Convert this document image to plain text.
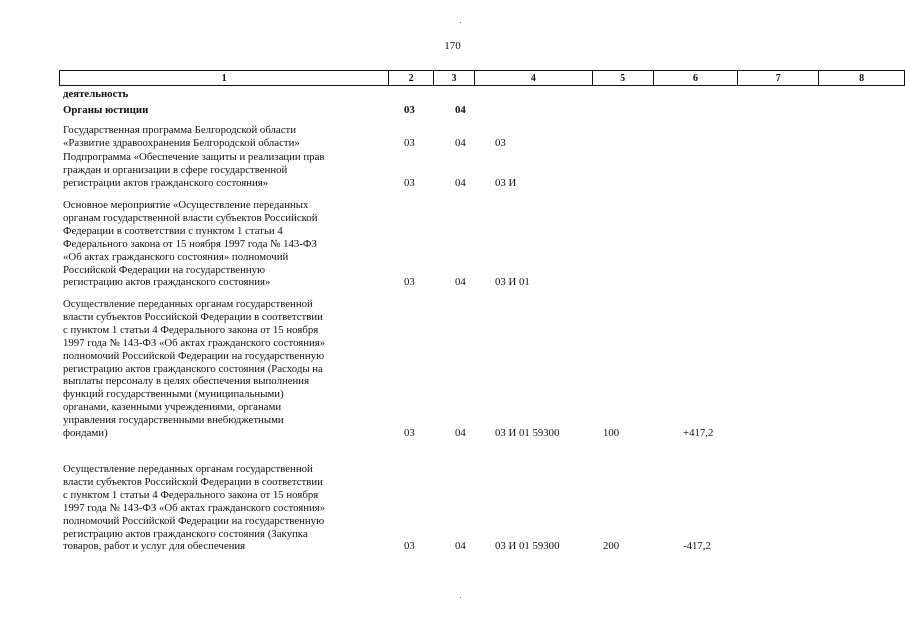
170
1	2	3	4	5	6	7	8
деятельность
Органы юстиции	03	04
Государственная программа Белгородской области
«Развитие здравоохранения Белгородской области»	03	04	03
Подпрограмма «Обеспечение защиты и реализации прав
граждан и организации в сфере государственной
регистрации актов гражданского состояния»	03	04	03 И
Основное мероприятие «Осуществление переданных
органам государственной власти субъектов Российской
Федерации в соответствии с пунктом 1 статьи 4
Федерального закона от 15 ноября 1997 года № 143-ФЗ
«Об актах гражданского состояния» полномочий
Российской Федерации на государственную
регистрацию актов гражданского состояния»	03	04	03 И 01
Осуществление переданных органам государственной
власти субъектов Российской Федерации в соответствии
с пунктом 1 статьи 4 Федерального закона от 15 ноября
1997 года № 143-ФЗ «Об актах гражданского состояния»
полномочий Российской Федерации на государственную
регистрацию актов гражданского состояния (Расходы на
выплаты персоналу в целях обеспечения выполнения
функций государственными (муниципальными)
органами, казенными учреждениями, органами
управления государственными внебюджетными
фондами)	03	04	03 И 01 59300	100	+417,2
Осуществление переданных органам государственной
власти субъектов Российской Федерации в соответствии
с пунктом 1 статьи 4 Федерального закона от 15 ноября
1997 года № 143-ФЗ «Об актах гражданского состояния»
полномочий Российской Федерации на государственную
регистрацию актов гражданского состояния (Закупка
товаров, работ и услуг для обеспечения	03	04	03 И 01 59300	200	-417,2
